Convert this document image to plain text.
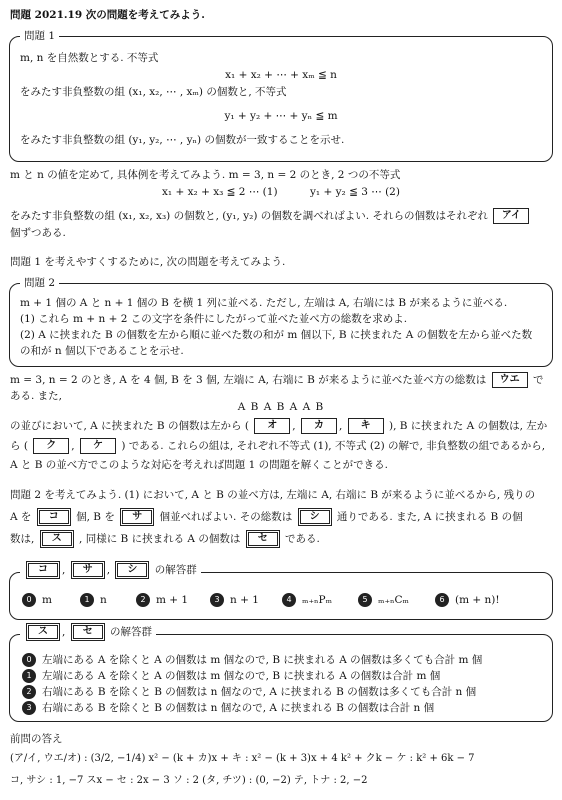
問題 2021.19 次の問題を考えてみよう.
問題 1
m, n を自然数とする. 不等式
x₁ + x₂ + ⋯ + xₘ ≦ n
をみたす非負整数の組 (x₁, x₂, ⋯ , xₘ) の個数と, 不等式
y₁ + y₂ + ⋯ + yₙ ≦ m
をみたす非負整数の組 (y₁, y₂, ⋯ , yₙ) の個数が一致することを示せ.
m と n の値を定めて, 具体例を考えてみよう. m = 3, n = 2 のとき, 2 つの不等式
x₁ + x₂ + x₃ ≦ 2 ⋯ (1)	y₁ + y₂ ≦ 3 ⋯ (2)
をみたす非負整数の組 (x₁, x₂, x₃) の個数と, (y₁, y₂) の個数を調べればよい. それらの個数はそれぞれ アイ
個ずつある.
問題 1 を考えやすくするために, 次の問題を考えてみよう.
問題 2
m + 1 個の A と n + 1 個の B を横 1 列に並べる. ただし, 左端は A, 右端には B が来るように並べる.
(1) これら m + n + 2 この文字を条件にしたがって並べた並べ方の総数を求めよ.
(2) A に挟まれた B の個数を左から順に並べた数の和が m 個以下, B に挟まれた A の個数を左から並べた数
の和が n 個以下であることを示せ.
m = 3, n = 2 のとき, A を 4 個, B を 3 個, 左端に A, 右端に B が来るように並べた並べ方の総数は ウエ で
ある. また,
A B A B A A B
の並びにおいて, A に挟まれた B の個数は左から ( オ , カ , キ ), B に挟まれた A の個数は, 左か
ら ( ク , ケ ) である. これらの組は, それぞれ不等式 (1), 不等式 (2) の解で, 非負整数の組であるから,
A と B の並べ方でこのような対応を考えれば問題 1 の問題を解くことができる.
問題 2 を考えてみよう. (1) において, A と B の並べ方は, 左端に A, 右端に B が来るように並べるから, 残りの
A を コ 個, B を サ 個並べればよい. その総数は シ 通りである. また, A に挟まれる B の個
数は, ス , 同様に B に挟まれる A の個数は セ である.
コ , サ , シ の解答群
0 m	1 n	2 m + 1	3 n + 1	4 ₘ₊ₙPₘ	5 ₘ₊ₙCₘ	6 (m + n)!
ス , セ の解答群
0 左端にある A を除くと A の個数は m 個なので, B に挟まれる A の個数は多くても合計 m 個
1 左端にある A を除くと A の個数は m 個なので, B に挟まれる A の個数は合計 m 個
2 右端にある B を除くと B の個数は n 個なので, A に挟まれる B の個数は多くても合計 n 個
3 右端にある B を除くと B の個数は n 個なので, A に挟まれる B の個数は合計 n 個
前問の答え
(ア/イ, ウエ/オ) : (3/2, −1/4) x² − (k + カ)x + キ : x² − (k + 3)x + 4 k² + クk − ケ : k² + 6k − 7
コ, サシ : 1, −7 スx − セ : 2x − 3 ソ : 2 (タ, チツ) : (0, −2) テ, トナ : 2, −2
